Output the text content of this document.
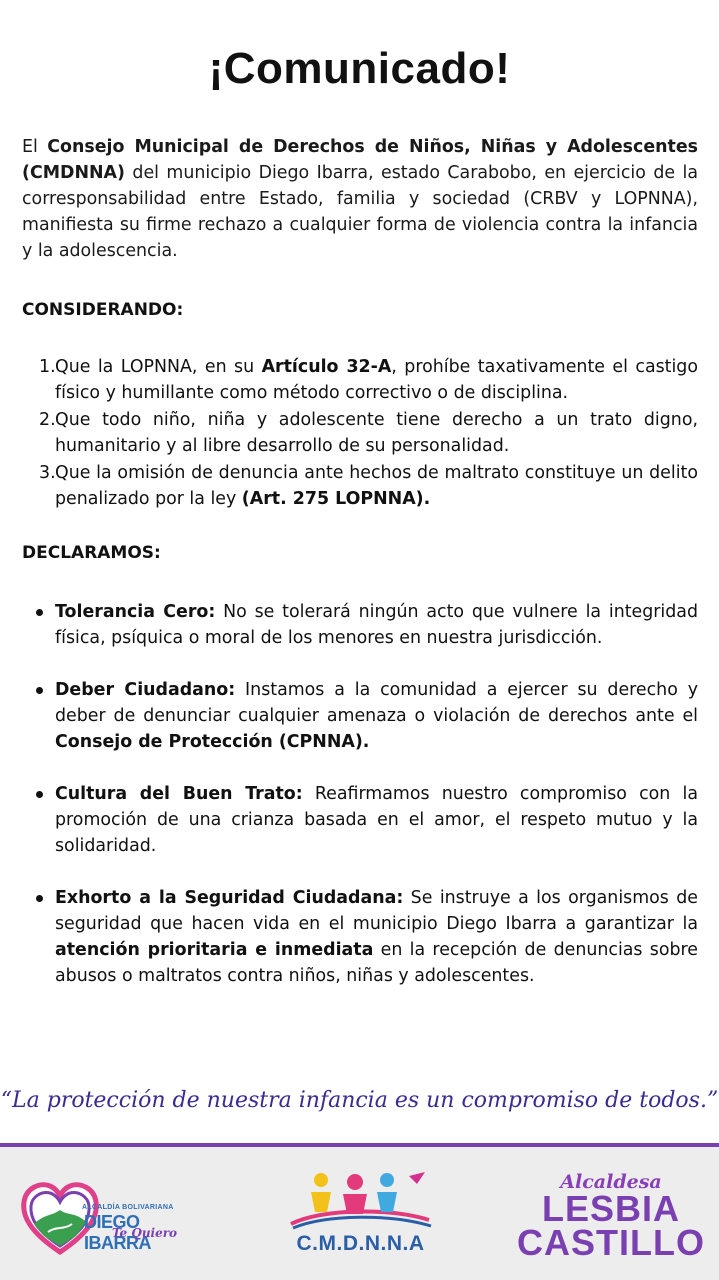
¡Comunicado!
El Consejo Municipal de Derechos de Niños, Niñas y Adolescentes (CMDNNA) del municipio Diego Ibarra, estado Carabobo, en ejercicio de la corresponsabilidad entre Estado, familia y sociedad (CRBV y LOPNNA), manifiesta su firme rechazo a cualquier forma de violencia contra la infancia y la adolescencia.
CONSIDERANDO:
1. Que la LOPNNA, en su Artículo 32-A, prohíbe taxativamente el castigo físico y humillante como método correctivo o de disciplina.
2. Que todo niño, niña y adolescente tiene derecho a un trato digno, humanitario y al libre desarrollo de su personalidad.
3. Que la omisión de denuncia ante hechos de maltrato constituye un delito penalizado por la ley (Art. 275 LOPNNA).
DECLARAMOS:
Tolerancia Cero: No se tolerará ningún acto que vulnere la integridad física, psíquica o moral de los menores en nuestra jurisdicción.
Deber Ciudadano: Instamos a la comunidad a ejercer su derecho y deber de denunciar cualquier amenaza o violación de derechos ante el Consejo de Protección (CPNNA).
Cultura del Buen Trato: Reafirmamos nuestro compromiso con la promoción de una crianza basada en el amor, el respeto mutuo y la solidaridad.
Exhorto a la Seguridad Ciudadana: Se instruye a los organismos de seguridad que hacen vida en el municipio Diego Ibarra a garantizar la atención prioritaria e inmediata en la recepción de denuncias sobre abusos o maltratos contra niños, niñas y adolescentes.
“La protección de nuestra infancia es un compromiso de todos.”
ALCALDÍA BOLIVARIANA
DIEGO IBARRA
Te Quiero	C.M.D.N.N.A
Alcaldesa
LESBIA
CASTILLO
